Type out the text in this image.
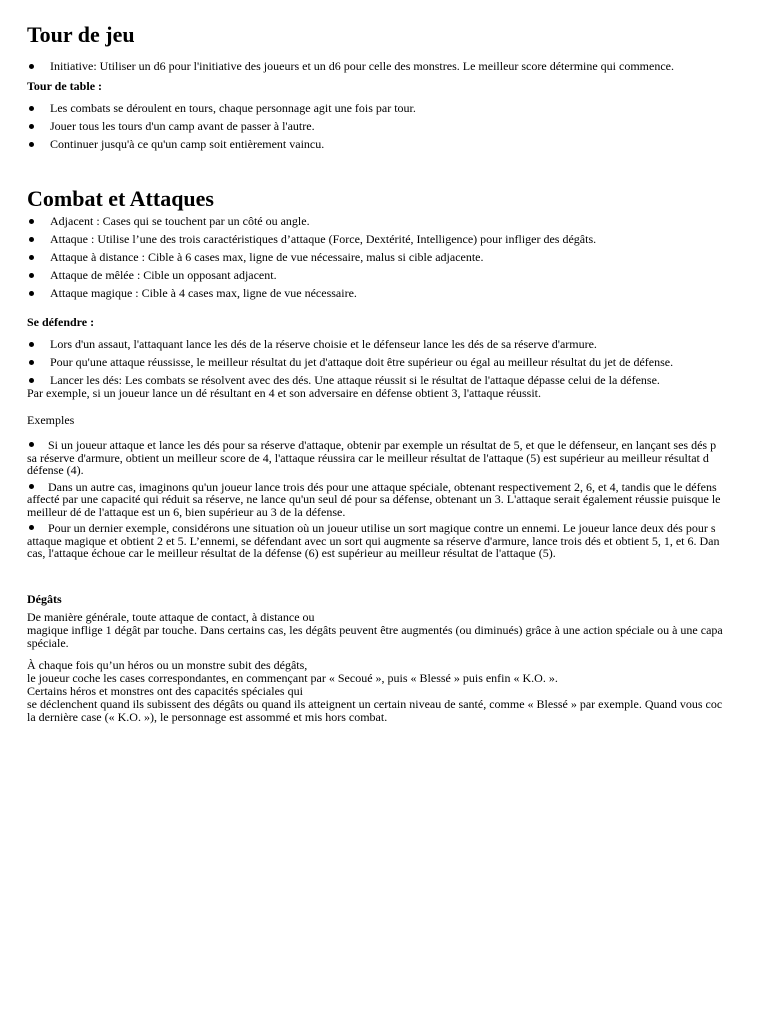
Tour de jeu
Initiative: Utiliser un d6 pour l'initiative des joueurs et un d6 pour celle des monstres. Le meilleur score détermine qui commence.
Tour de table :
Les combats se déroulent en tours, chaque personnage agit une fois par tour.
Jouer tous les tours d'un camp avant de passer à l'autre.
Continuer jusqu'à ce qu'un camp soit entièrement vaincu.
Combat et Attaques
Adjacent : Cases qui se touchent par un côté ou angle.
Attaque : Utilise l’une des trois caractéristiques d’attaque (Force, Dextérité, Intelligence) pour infliger des dégâts.
Attaque à distance : Cible à 6 cases max, ligne de vue nécessaire, malus si cible adjacente.
Attaque de mêlée : Cible un opposant adjacent.
Attaque magique : Cible à 4 cases max, ligne de vue nécessaire.
Se défendre :
Lors d'un assaut, l'attaquant lance les dés de la réserve choisie et le défenseur lance les dés de sa réserve d'armure.
Pour qu'une attaque réussisse, le meilleur résultat du jet d'attaque doit être supérieur ou égal au meilleur résultat du jet de défense.
Lancer les dés: Les combats se résolvent avec des dés. Une attaque réussit si le résultat de l'attaque dépasse celui de la défense.
Par exemple, si un joueur lance un dé résultant en 4 et son adversaire en défense obtient 3, l'attaque réussit.
Exemples
Si un joueur attaque et lance les dés pour sa réserve d'attaque, obtenir par exemple un résultat de 5, et que le défenseur, en lançant ses dés p
sa réserve d'armure, obtient un meilleur score de 4, l'attaque réussira car le meilleur résultat de l'attaque (5) est supérieur au meilleur résultat d
défense (4).
Dans un autre cas, imaginons qu'un joueur lance trois dés pour une attaque spéciale, obtenant respectivement 2, 6, et 4, tandis que le défens
affecté par une capacité qui réduit sa réserve, ne lance qu'un seul dé pour sa défense, obtenant un 3. L'attaque serait également réussie puisque le
meilleur dé de l'attaque est un 6, bien supérieur au 3 de la défense.
Pour un dernier exemple, considérons une situation où un joueur utilise un sort magique contre un ennemi. Le joueur lance deux dés pour s
attaque magique et obtient 2 et 5. L’ennemi, se défendant avec un sort qui augmente sa réserve d'armure, lance trois dés et obtient 5, 1, et 6. Dan
cas, l'attaque échoue car le meilleur résultat de la défense (6) est supérieur au meilleur résultat de l'attaque (5).
Dégâts
De manière générale, toute attaque de contact, à distance ou
magique inflige 1 dégât par touche. Dans certains cas, les dégâts peuvent être augmentés (ou diminués) grâce à une action spéciale ou à une capa
spéciale.
À chaque fois qu’un héros ou un monstre subit des dégâts,
le joueur coche les cases correspondantes, en commençant par « Secoué », puis « Blessé » puis enfin « K.O. ».
Certains héros et monstres ont des capacités spéciales qui
se déclenchent quand ils subissent des dégâts ou quand ils atteignent un certain niveau de santé, comme « Blessé » par exemple. Quand vous coc
la dernière case (« K.O. »), le personnage est assommé et mis hors combat.
